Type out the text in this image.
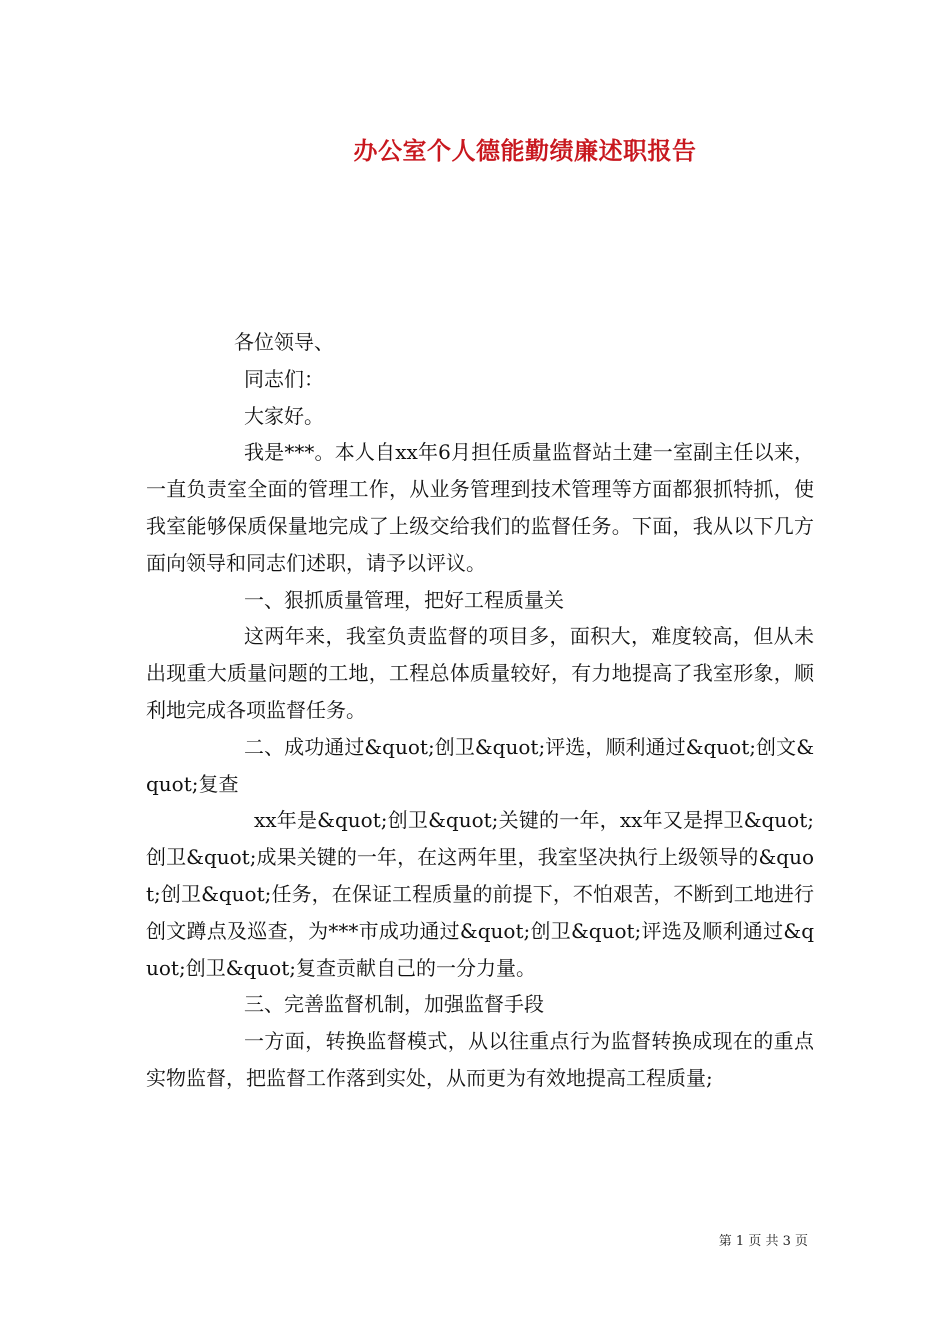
办公室个人德能勤绩廉述职报告

各位领导、

同志们：

大家好。

我是***。本人自xx年6月担任质量监督站土建一室副主任以来，一直负责室全面的管理工作，从业务管理到技术管理等方面都狠抓特抓，使我室能够保质保量地完成了上级交给我们的监督任务。下面，我从以下几方面向领导和同志们述职，请予以评议。

一、狠抓质量管理，把好工程质量关

这两年来，我室负责监督的项目多，面积大，难度较高，但从未出现重大质量问题的工地，工程总体质量较好，有力地提高了我室形象，顺利地完成各项监督任务。

二、成功通过&quot;创卫&quot;评选，顺利通过&quot;创文&quot;复查

xx年是&quot;创卫&quot;关键的一年，xx年又是捍卫&quot;创卫&quot;成果关键的一年，在这两年里，我室坚决执行上级领导的&quot;创卫&quot;任务，在保证工程质量的前提下，不怕艰苦，不断到工地进行创文蹲点及巡查，为***市成功通过&quot;创卫&quot;评选及顺利通过&quot;创卫&quot;复查贡献自己的一分力量。

三、完善监督机制，加强监督手段

一方面，转换监督模式，从以往重点行为监督转换成现在的重点实物监督，把监督工作落到实处，从而更为有效地提高工程质量;

第 1 页 共 3 页
